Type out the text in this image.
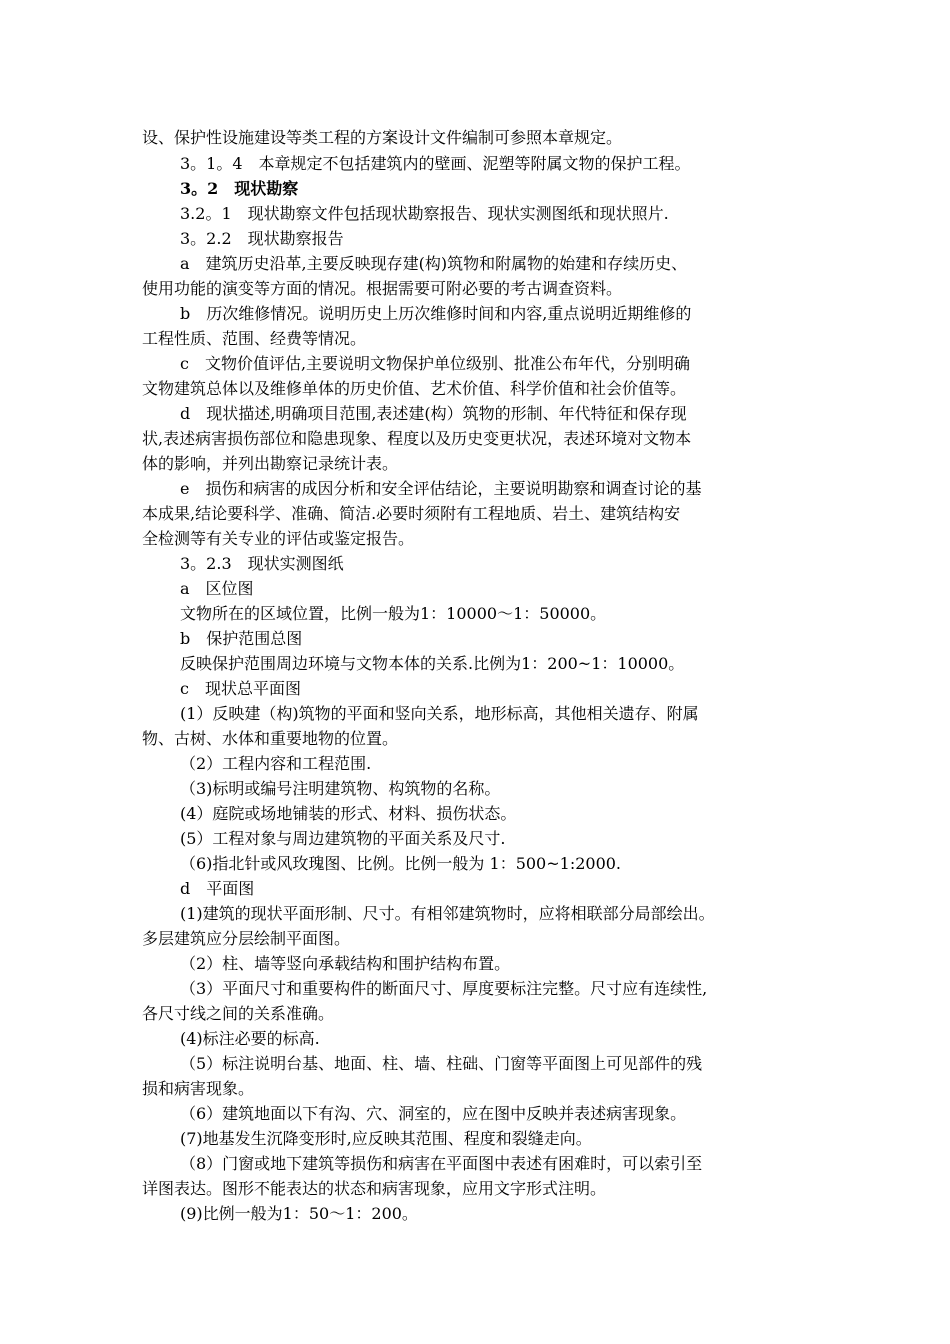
设、保护性设施建设等类工程的方案设计文件编制可参照本章规定。
3。1。4　本章规定不包括建筑内的壁画、泥塑等附属文物的保护工程。
3。2　现状勘察
3.2。1　现状勘察文件包括现状勘察报告、现状实测图纸和现状照片.
3。2.2　现状勘察报告
a　建筑历史沿革,主要反映现存建(构)筑物和附属物的始建和存续历史、
使用功能的演变等方面的情况。根据需要可附必要的考古调查资料。
b　历次维修情况。说明历史上历次维修时间和内容,重点说明近期维修的
工程性质、范围、经费等情况。
c　文物价值评估,主要说明文物保护单位级别、批准公布年代，分别明确
文物建筑总体以及维修单体的历史价值、艺术价值、科学价值和社会价值等。
d　现状描述,明确项目范围,表述建(构）筑物的形制、年代特征和保存现
状,表述病害损伤部位和隐患现象、程度以及历史变更状况，表述环境对文物本
体的影响，并列出勘察记录统计表。
e　损伤和病害的成因分析和安全评估结论，主要说明勘察和调查讨论的基
本成果,结论要科学、准确、简洁.必要时须附有工程地质、岩土、建筑结构安
全检测等有关专业的评估或鉴定报告。
3。2.3　现状实测图纸
a　区位图
文物所在的区域位置，比例一般为1：10000～1：50000。
b　保护范围总图
反映保护范围周边环境与文物本体的关系.比例为1：200~1：10000。
c　现状总平面图
(1）反映建（构)筑物的平面和竖向关系，地形标高，其他相关遗存、附属
物、古树、水体和重要地物的位置。
（2）工程内容和工程范围.
（3)标明或编号注明建筑物、构筑物的名称。
(4）庭院或场地铺装的形式、材料、损伤状态。
(5）工程对象与周边建筑物的平面关系及尺寸.
（6)指北针或风玫瑰图、比例。比例一般为 1：500~1:2000.
d　平面图
(1)建筑的现状平面形制、尺寸。有相邻建筑物时，应将相联部分局部绘出。
多层建筑应分层绘制平面图。
（2）柱、墙等竖向承载结构和围护结构布置。
（3）平面尺寸和重要构件的断面尺寸、厚度要标注完整。尺寸应有连续性,
各尺寸线之间的关系准确。
(4)标注必要的标高.
（5）标注说明台基、地面、柱、墙、柱础、门窗等平面图上可见部件的残
损和病害现象。
（6）建筑地面以下有沟、穴、洞室的，应在图中反映并表述病害现象。
(7)地基发生沉降变形时,应反映其范围、程度和裂缝走向。
（8）门窗或地下建筑等损伤和病害在平面图中表述有困难时，可以索引至
详图表达。图形不能表达的状态和病害现象，应用文字形式注明。
(9)比例一般为1：50～1：200。
